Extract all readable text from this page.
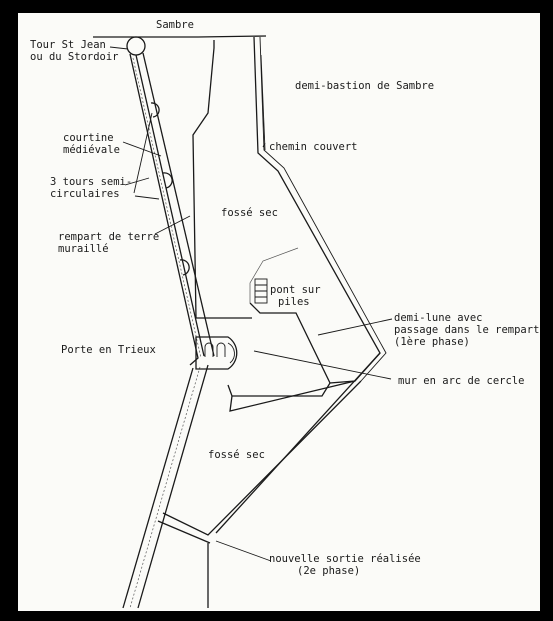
Sambre
Tour St Jean
ou du Stordoir
demi-bastion de Sambre
courtine
médiévale	chemin couvert
3 tours semi-
circulaires
fossé sec
rempart de terre
muraillé
pont sur
piles
demi-lune avec
passage dans le rempart
(1ère phase)
Porte en Trieux
mur en arc de cercle
fossé sec
nouvelle sortie réalisée
(2e phase)
